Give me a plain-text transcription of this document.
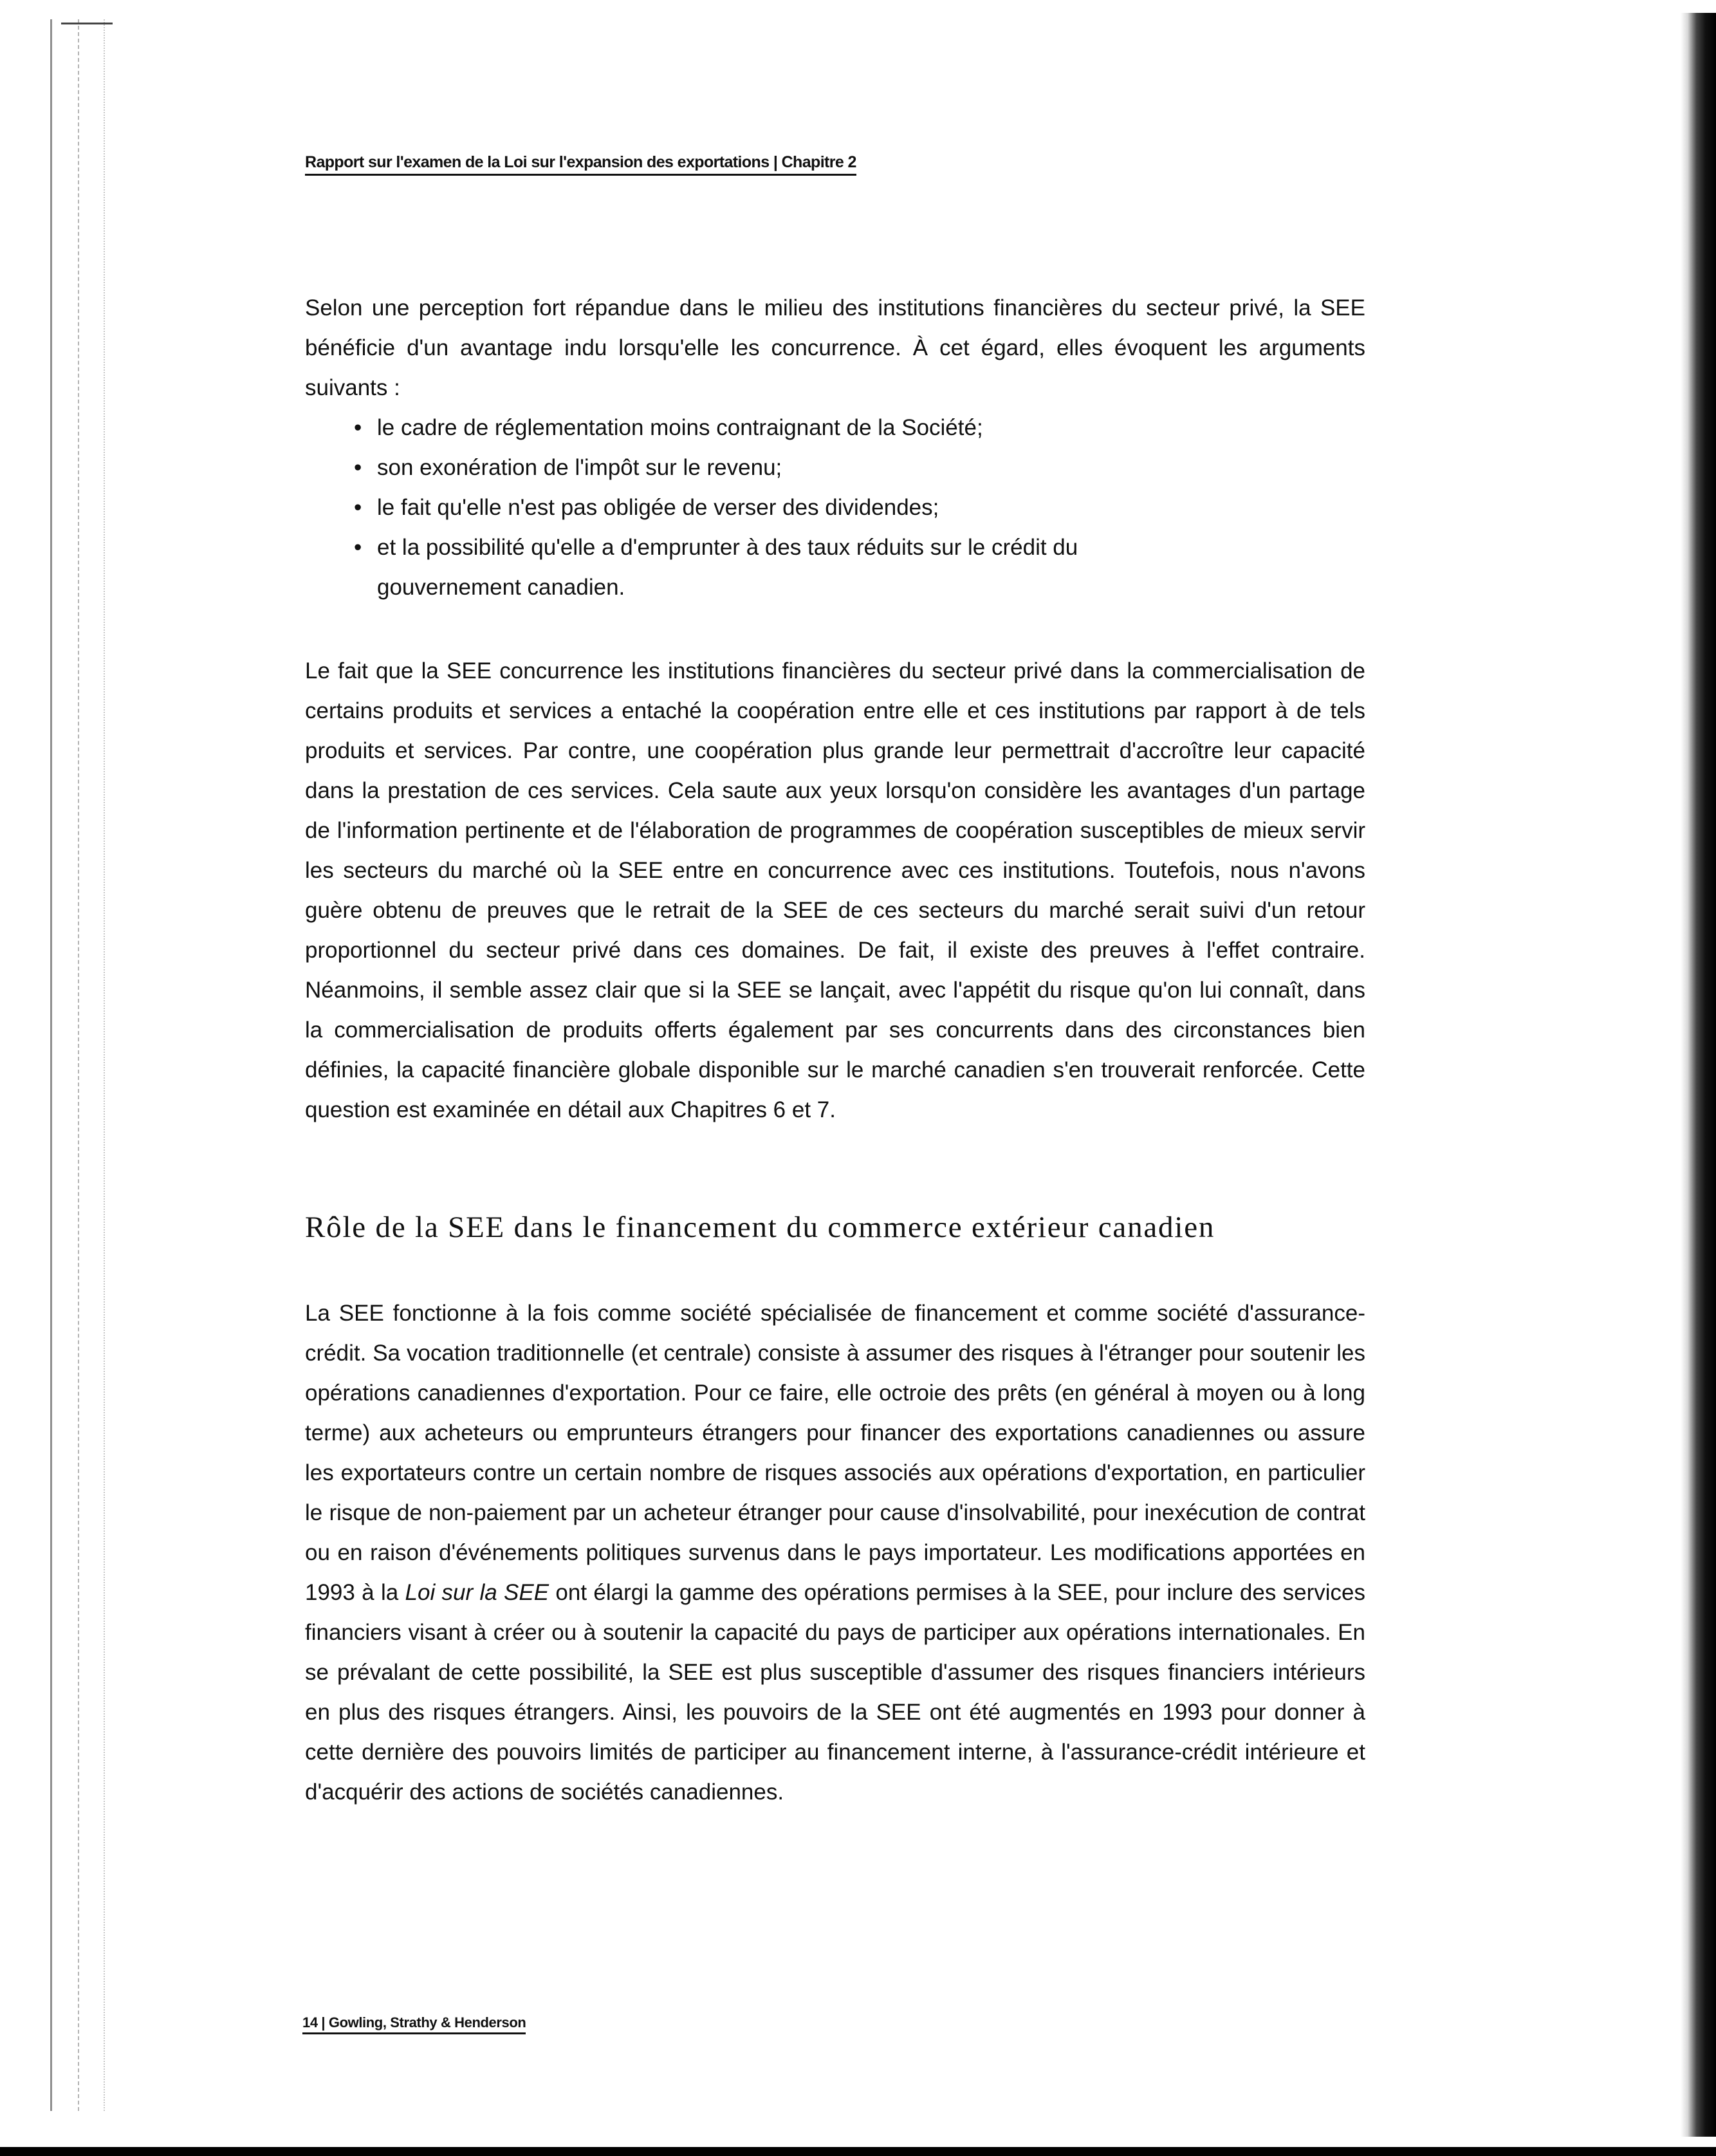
Rapport sur l'examen de la Loi sur l'expansion des exportations | Chapitre 2

Selon une perception fort répandue dans le milieu des institutions financières du secteur privé, la SEE bénéficie d'un avantage indu lorsqu'elle les concurrence. À cet égard, elles évoquent les arguments suivants :

• le cadre de réglementation moins contraignant de la Société;
• son exonération de l'impôt sur le revenu;
• le fait qu'elle n'est pas obligée de verser des dividendes;
• et la possibilité qu'elle a d'emprunter à des taux réduits sur le crédit du gouvernement canadien.

Le fait que la SEE concurrence les institutions financières du secteur privé dans la commercialisation de certains produits et services a entaché la coopération entre elle et ces institutions par rapport à de tels produits et services. Par contre, une coopération plus grande leur permettrait d'accroître leur capacité dans la prestation de ces services. Cela saute aux yeux lorsqu'on considère les avantages d'un partage de l'information pertinente et de l'élaboration de programmes de coopération susceptibles de mieux servir les secteurs du marché où la SEE entre en concurrence avec ces institutions. Toutefois, nous n'avons guère obtenu de preuves que le retrait de la SEE de ces secteurs du marché serait suivi d'un retour proportionnel du secteur privé dans ces domaines. De fait, il existe des preuves à l'effet contraire. Néanmoins, il semble assez clair que si la SEE se lançait, avec l'appétit du risque qu'on lui connaît, dans la commercialisation de produits offerts également par ses concurrents dans des circonstances bien définies, la capacité financière globale disponible sur le marché canadien s'en trouverait renforcée. Cette question est examinée en détail aux Chapitres 6 et 7.

Rôle de la SEE dans le financement du commerce extérieur canadien

La SEE fonctionne à la fois comme société spécialisée de financement et comme société d'assurance-crédit. Sa vocation traditionnelle (et centrale) consiste à assumer des risques à l'étranger pour soutenir les opérations canadiennes d'exportation. Pour ce faire, elle octroie des prêts (en général à moyen ou à long terme) aux acheteurs ou emprunteurs étrangers pour financer des exportations canadiennes ou assure les exportateurs contre un certain nombre de risques associés aux opérations d'exportation, en particulier le risque de non-paiement par un acheteur étranger pour cause d'insolvabilité, pour inexécution de contrat ou en raison d'événements politiques survenus dans le pays importateur. Les modifications apportées en 1993 à la Loi sur la SEE ont élargi la gamme des opérations permises à la SEE, pour inclure des services financiers visant à créer ou à soutenir la capacité du pays de participer aux opérations internationales. En se prévalant de cette possibilité, la SEE est plus susceptible d'assumer des risques financiers intérieurs en plus des risques étrangers. Ainsi, les pouvoirs de la SEE ont été augmentés en 1993 pour donner à cette dernière des pouvoirs limités de participer au financement interne, à l'assurance-crédit intérieure et d'acquérir des actions de sociétés canadiennes.

14 | Gowling, Strathy & Henderson
